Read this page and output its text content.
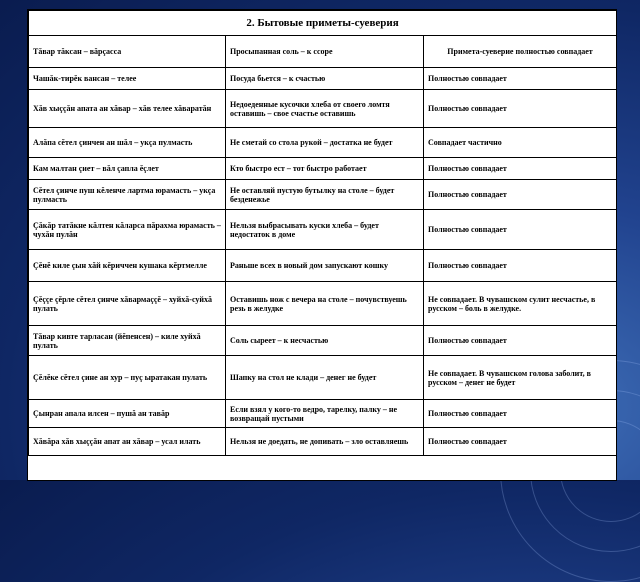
2. Бытовые приметы-суеверия		
Тăвар тăксан – вăрçасса	Просыпанная соль – к ссоре	Примета-суеверие полностью совпадает
Чашăк-тирĕк вансан – телее	Посуда бьется – к счастью	Полностью совпадает
Хăв хыççăн апата ан хăвар – хăв телее хăваратăн	Недоеденные кусочки хлеба от своего ломтя оставишь – свое счастье оставишь	Полностью совпадает
Алăпа сĕтел çинчен ан шăл – укçа пулмасть	Не сметай со стола рукой – достатка не будет	Совпадает частично
Кам малтан çиет – вăл çапла ĕçлет	Кто быстро ест – тот быстро работает	Полностью совпадает
Сĕтел çинче пуш кĕленче лартма юрамасть – укçа пулмасть	Не оставляй пустую бутылку на столе – будет безденежье	Полностью совпадает
Çăкăр татăкне кăлтен кăларса пăрахма юрамасть – чухăн пулăн	Нельзя выбрасывать куски хлеба – будет недостаток в доме	Полностью совпадает
Çĕнĕ киле çын хăй кĕриччен кушака кĕртмелле	Раньше всех в новый дом запускают кошку	Полностью совпадает
Çĕççе çĕрле сĕтел çинче хăвармаççĕ – хуйхă-суйхă пулать	Оставишь нож с вечера на столе – почувствуешь резь в желудке	Не совпадает. В чувашском сулит несчастье, в русском – боль в желудке.
Тăвар кивте тарласан (йĕпенсен) – киле хуйхă пулать	Соль сыреет – к несчастью	Полностью совпадает
Çĕлĕке сĕтел çине ан хур – пуç ыратакан пулать	Шапку на стол не клади – денег не будет	Не совпадает. В чувашском голова заболит, в русском – денег не будет
Çынран апала илсен – пушă ан тавăр	Если взял у кого-то ведро, тарелку, палку – не возвращай пустыми	Полностью совпадает
Хăвăра хăв хыççăн апат ан хăвар – усал илать	Нельзя не доедать, не допивать – зло оставляешь	Полностью совпадает
